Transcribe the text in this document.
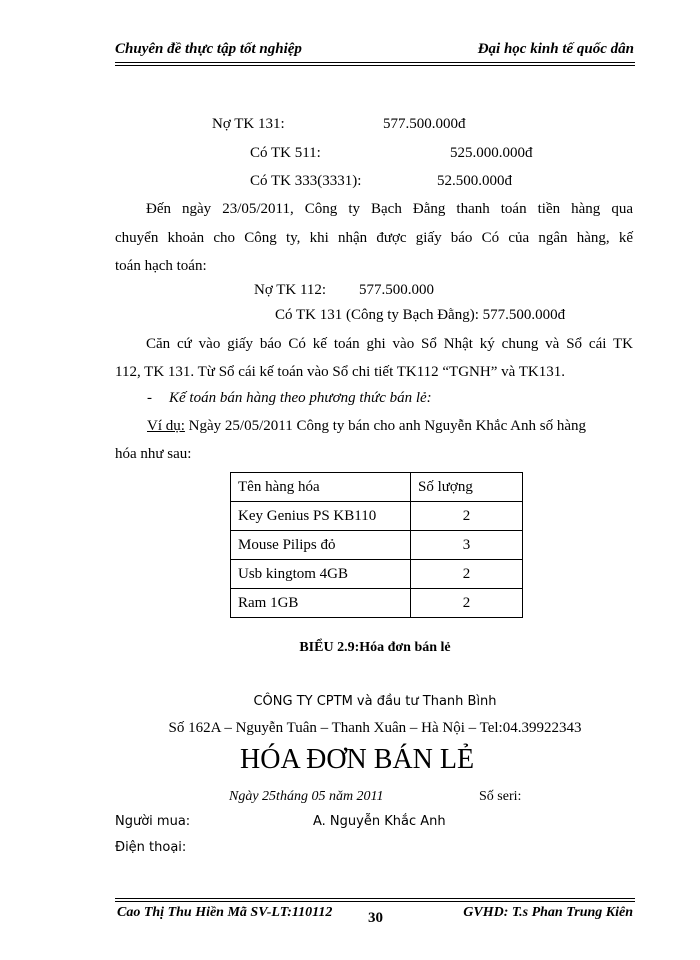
Chuyên đề thực tập tốt nghiệp	Đại học kinh tế quốc dân
Nợ TK 131:	577.500.000đ
Có TK 511:	525.000.000đ
Có TK 333(3331):	52.500.000đ
Đến ngày 23/05/2011, Công ty Bạch Đằng thanh toán tiền hàng qua
chuyển khoản cho Công ty, khi nhận được giấy báo Có của ngân hàng, kế
toán hạch toán:
Nợ TK 112: 577.500.000
Có TK 131 (Công ty Bạch Đằng): 577.500.000đ
Căn cứ vào giấy báo Có kế toán ghi vào Sổ Nhật ký chung và Sổ cái TK
112, TK 131. Từ Sổ cái kế toán vào Sổ chi tiết TK112 “TGNH” và TK131.
- Kế toán bán hàng theo phương thức bán lẻ:
Ví dụ: Ngày 25/05/2011 Công ty bán cho anh Nguyễn Khắc Anh số hàng
hóa như sau:
Tên hàng hóa	Số lượng
Key Genius PS KB110	2
Mouse Pilips đỏ	3
Usb kingtom 4GB	2
Ram 1GB	2
BIỂU 2.9:Hóa đơn bán lẻ
CÔNG TY CPTM và đầu tư Thanh Bình
Số 162A – Nguyễn Tuân – Thanh Xuân – Hà Nội – Tel:04.39922343
HÓA ĐƠN BÁN LẺ
Ngày 25tháng 05 năm 2011	Số seri:
Người mua:	A. Nguyễn Khắc Anh
Điện thoại:
Cao Thị Thu Hiền Mã SV-LT:110112 30	GVHD: T.s Phan Trung Kiên
